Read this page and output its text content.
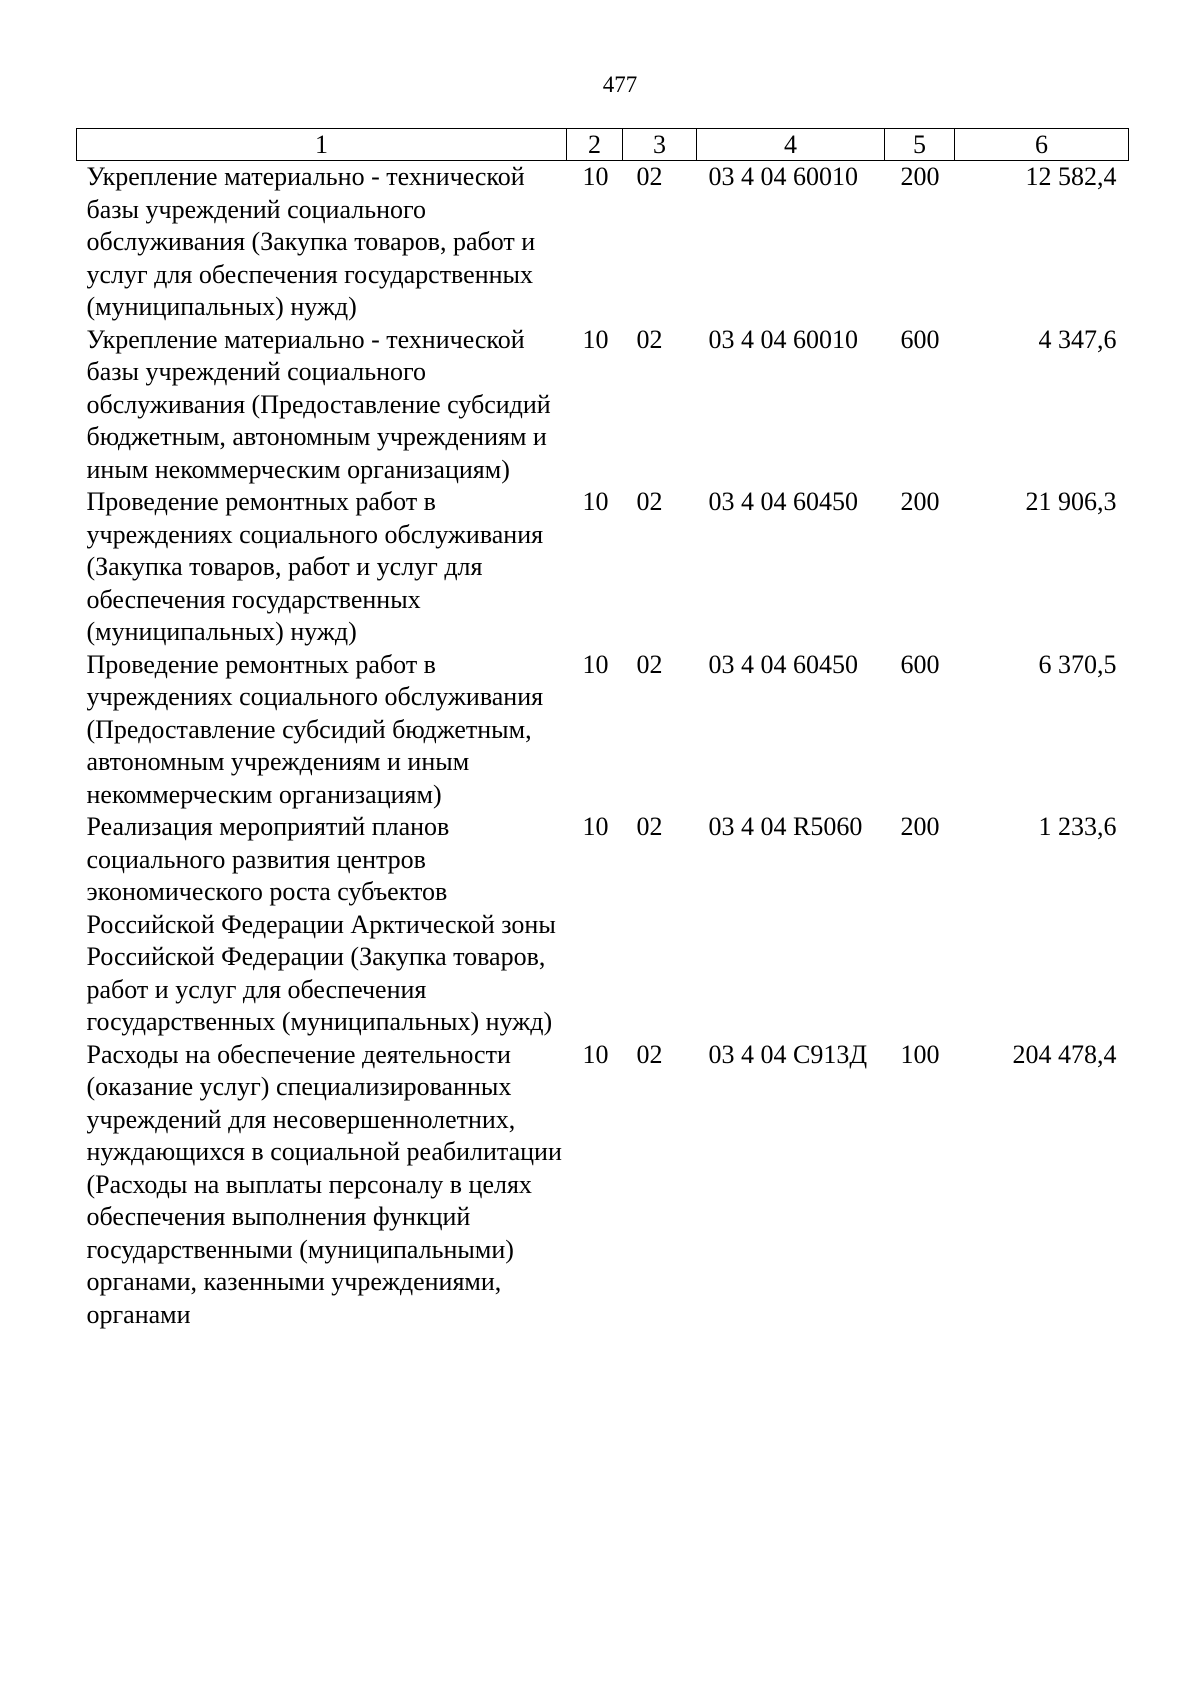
477
1	2	3	4	5	6
Укрепление материально - технической базы учреждений социального обслуживания (Закупка товаров, работ и услуг для обеспечения государственных (муниципальных) нужд)	10	02	03 4 04 60010	200	12 582,4
Укрепление материально - технической базы учреждений социального обслуживания (Предоставление субсидий бюджетным, автономным учреждениям и иным некоммерческим организациям)	10	02	03 4 04 60010	600	4 347,6
Проведение ремонтных работ в учреждениях социального обслуживания (Закупка товаров, работ и услуг для обеспечения государственных (муниципальных) нужд)	10	02	03 4 04 60450	200	21 906,3
Проведение ремонтных работ в учреждениях социального обслуживания (Предоставление субсидий бюджетным, автономным учреждениям и иным некоммерческим организациям)	10	02	03 4 04 60450	600	6 370,5
Реализация мероприятий планов социального развития центров экономического роста субъектов Российской Федерации Арктической зоны Российской Федерации (Закупка товаров, работ и услуг для обеспечения государственных (муниципальных) нужд)	10	02	03 4 04 R5060	200	1 233,6
Расходы на обеспечение деятельности (оказание услуг) специализированных учреждений для несовершеннолетних, нуждающихся в социальной реабилитации (Расходы на выплаты персоналу в целях обеспечения выполнения функций государственными (муниципальными) органами, казенными учреждениями, органами	10	02	03 4 04 С913Д	100	204 478,4
